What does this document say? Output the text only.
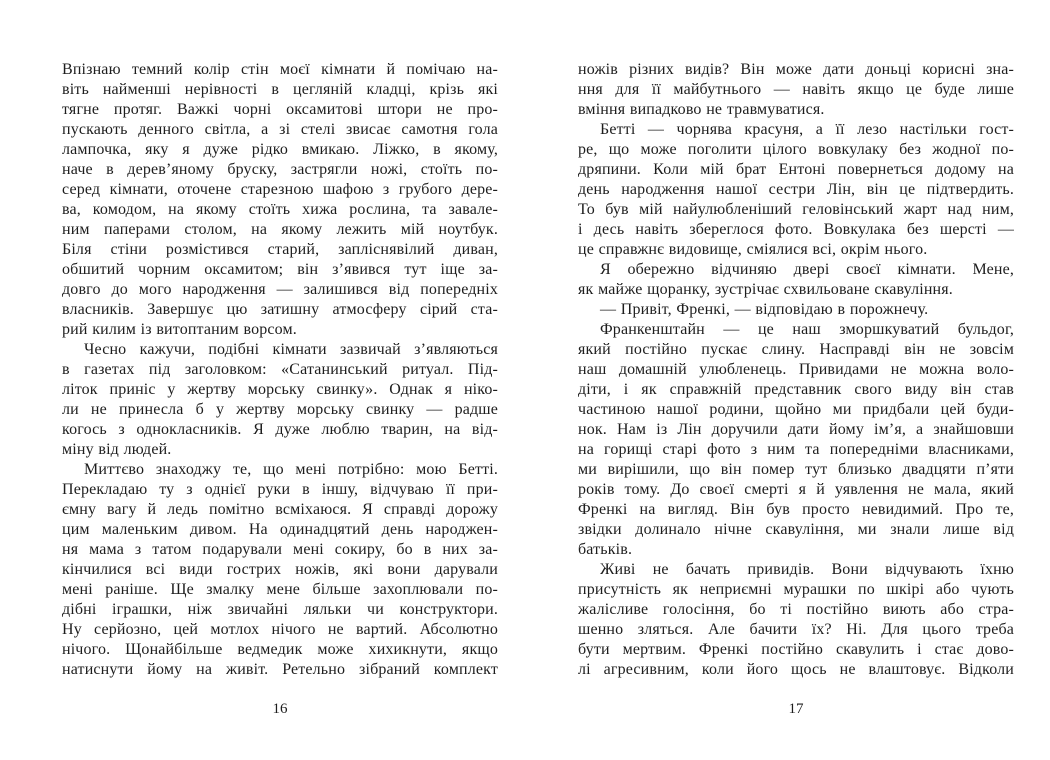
Впізнаю темний колір стін моєї кімнати й помічаю на-
віть найменші нерівності в цегляній кладці, крізь які
тягне протяг. Важкі чорні оксамитові штори не про-
пускають денного світла, а зі стелі звисає самотня гола
лампочка, яку я дуже рідко вмикаю. Ліжко, в якому,
наче в дерев’яному бруску, застрягли ножі, стоїть по-
серед кімнати, оточене старезною шафою з грубого дере-
ва, комодом, на якому стоїть хижа рослина, та завале-
ним паперами столом, на якому лежить мій ноутбук.
Біля стіни розмістився старий, запліснявілий диван,
обшитий чорним оксамитом; він з’явився тут іще за-
довго до мого народження — залишився від попередніх
власників. Завершує цю затишну атмосферу сірий ста-
рий килим із витоптаним ворсом.
Чесно кажучи, подібні кімнати зазвичай з’являються
в газетах під заголовком: «Сатанинський ритуал. Під-
літок приніс у жертву морську свинку». Однак я ніко-
ли не принесла б у жертву морську свинку — радше
когось з однокласників. Я дуже люблю тварин, на від-
міну від людей.
Миттєво знаходжу те, що мені потрібно: мою Бетті.
Перекладаю ту з однієї руки в іншу, відчуваю її при-
ємну вагу й ледь помітно всміхаюся. Я справді дорожу
цим маленьким дивом. На одинадцятий день народжен-
ня мама з татом подарували мені сокиру, бо в них за-
кінчилися всі види гострих ножів, які вони дарували
мені раніше. Ще змалку мене більше захоплювали по-
дібні іграшки, ніж звичайні ляльки чи конструктори.
Ну серйозно, цей мотлох нічого не вартий. Абсолютно
нічого. Щонайбільше ведмедик може хихикнути, якщо
натиснути йому на живіт. Ретельно зібраний комплект
16
ножів різних видів? Він може дати доньці корисні зна-
ння для її майбутнього — навіть якщо це буде лише
вміння випадково не травмуватися.
Бетті — чорнява красуня, а її лезо настільки гост-
ре, що може поголити цілого вовкулаку без жодної по-
дряпини. Коли мій брат Ентоні повернеться додому на
день народження нашої сестри Лін, він це підтвердить.
То був мій найулюбленіший геловінський жарт над ним,
і десь навіть збереглося фото. Вовкулака без шерсті —
це справжнє видовище, сміялися всі, окрім нього.
Я обережно відчиняю двері своєї кімнати. Мене,
як майже щоранку, зустрічає схвильоване скавуління.
— Привіт, Френкі, — відповідаю в порожнечу.
Франкенштайн — це наш зморшкуватий бульдог,
який постійно пускає слину. Насправді він не зовсім
наш домашній улюбленець. Привидами не можна воло-
діти, і як справжній представник свого виду він став
частиною нашої родини, щойно ми придбали цей буди-
нок. Нам із Лін доручили дати йому ім’я, а знайшовши
на горищі старі фото з ним та попередніми власниками,
ми вирішили, що він помер тут близько двадцяти п’яти
років тому. До своєї смерті я й уявлення не мала, який
Френкі на вигляд. Він був просто невидимий. Про те,
звідки долинало нічне скавуління, ми знали лише від
батьків.
Живі не бачать привидів. Вони відчувають їхню
присутність як неприємні мурашки по шкірі або чують
жалісливе голосіння, бо ті постійно виють або стра-
шенно зляться. Але бачити їх? Ні. Для цього треба
бути мертвим. Френкі постійно скавулить і стає дово-
лі агресивним, коли його щось не влаштовує. Відколи
17
